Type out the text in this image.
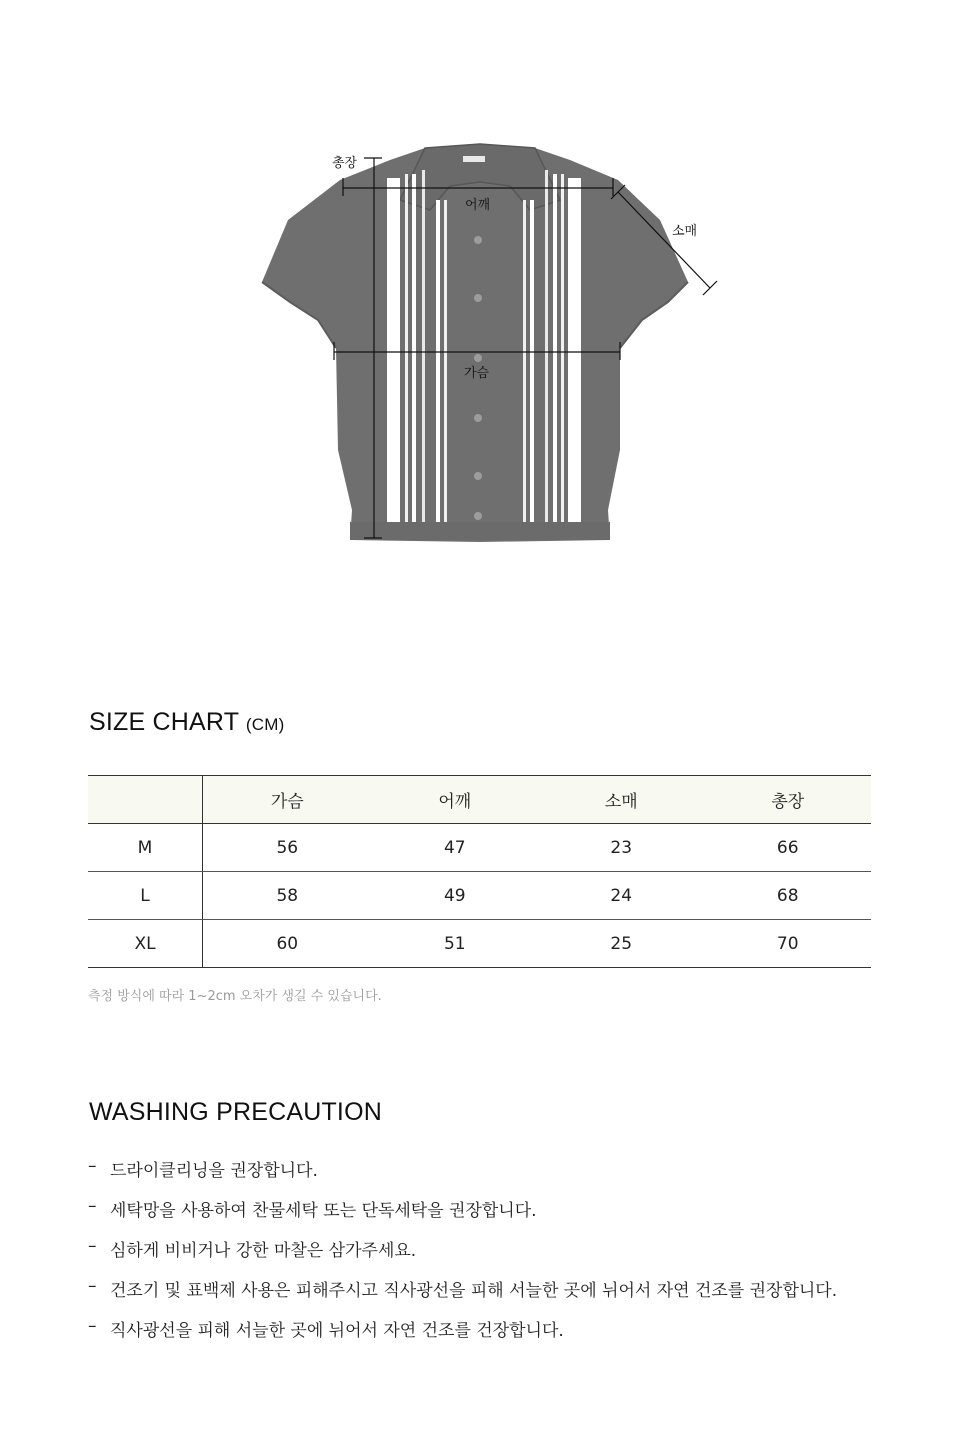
총장
어깨
소매
가슴
SIZE CHART (CM)
	가슴	어깨	소매	총장
M	56	47	23	66
L	58	49	24	68
XL	60	51	25	70
측정 방식에 따라 1~2cm 오차가 생길 수 있습니다.
WASHING PRECAUTION
– 드라이클리닝을 권장합니다.
– 세탁망을 사용하여 찬물세탁 또는 단독세탁을 권장합니다.
– 심하게 비비거나 강한 마찰은 삼가주세요.
– 건조기 및 표백제 사용은 피해주시고 직사광선을 피해 서늘한 곳에 뉘어서 자연 건조를 권장합니다.
– 직사광선을 피해 서늘한 곳에 뉘어서 자연 건조를 건장합니다.
